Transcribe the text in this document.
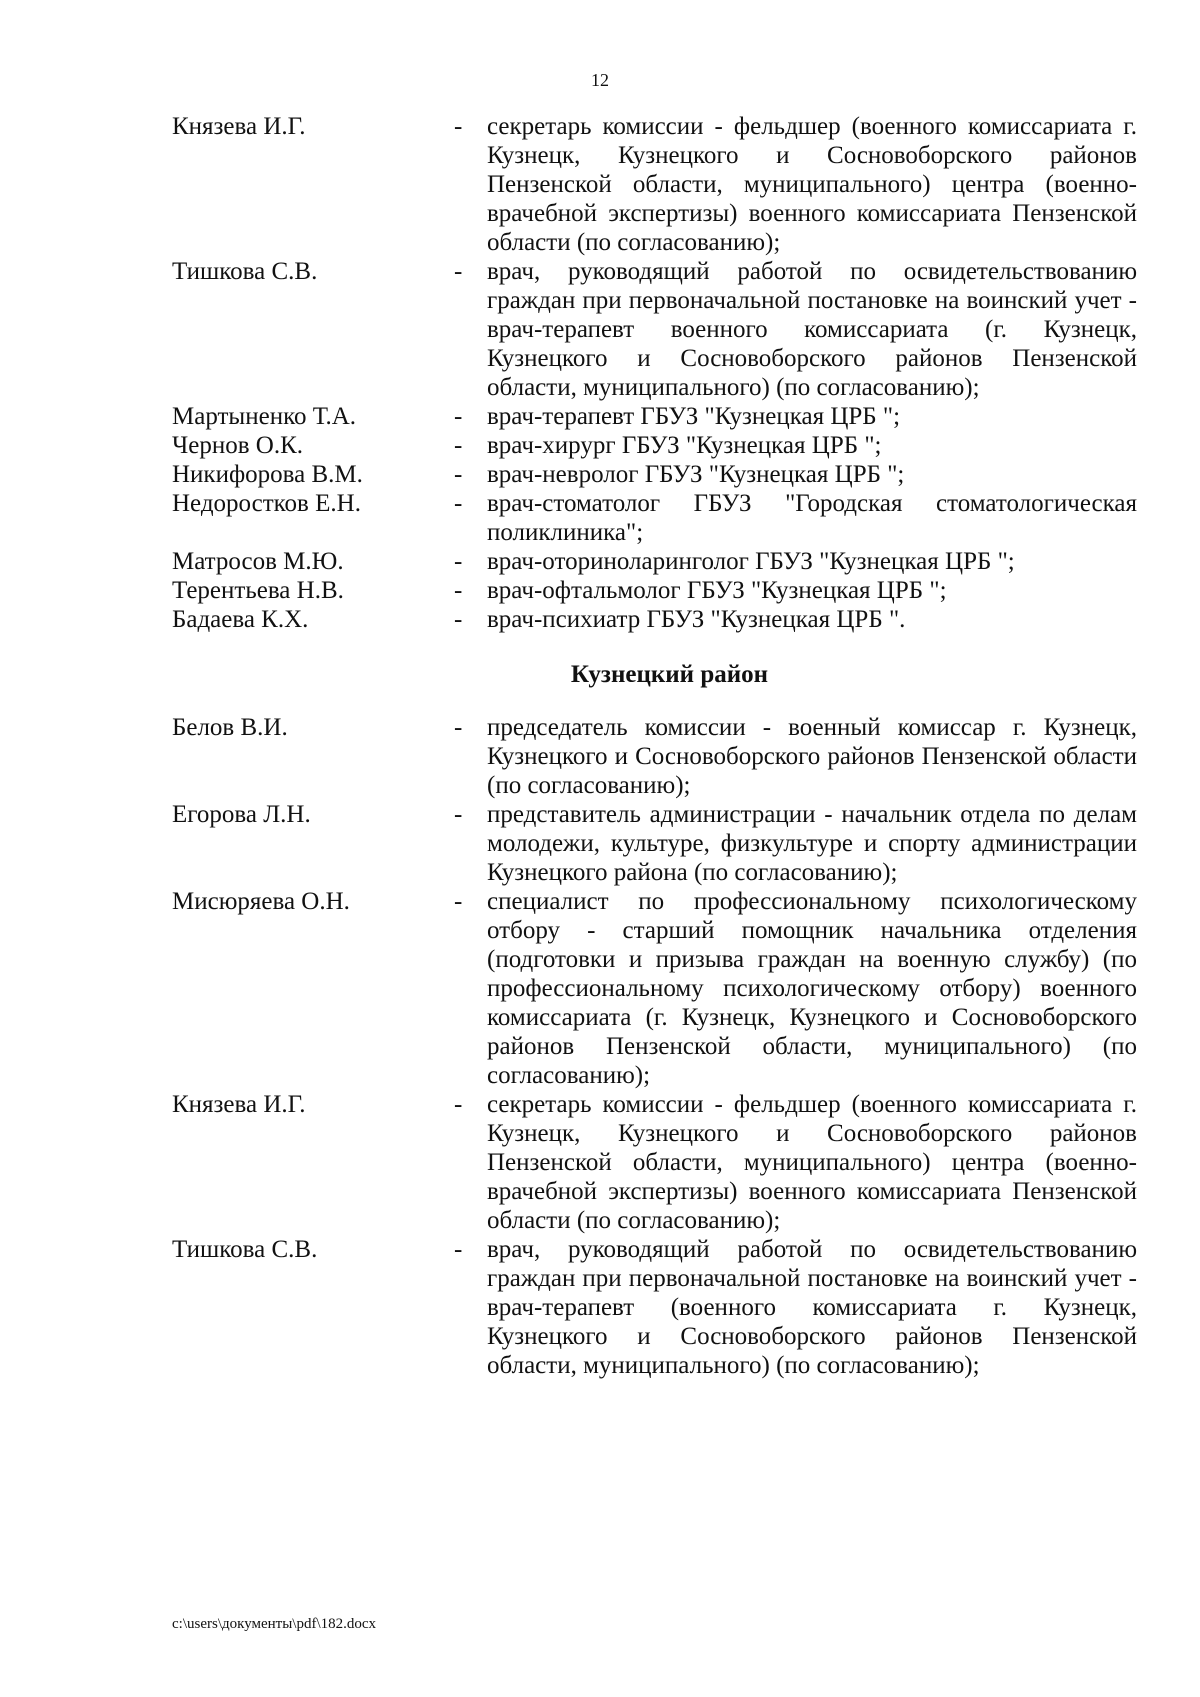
12
Князева И.Г.	- секретарь комиссии - фельдшер (военного комиссариата г. Кузнецк, Кузнецкого и Сосновоборского районов Пензенской области, муниципального) центра (военно-врачебной экспертизы) военного комиссариата Пензенской области (по согласованию);
Тишкова С.В.	- врач, руководящий работой по освидетельствованию граждан при первоначальной постановке на воинский учет - врач-терапевт военного комиссариата (г. Кузнецк, Кузнецкого и Сосновоборского районов Пензенской области, муниципального) (по согласованию);
Мартыненко Т.А.	- врач-терапевт ГБУЗ "Кузнецкая ЦРБ ";
Чернов О.К.	- врач-хирург ГБУЗ "Кузнецкая ЦРБ ";
Никифорова В.М.	- врач-невролог ГБУЗ "Кузнецкая ЦРБ ";
Недоростков Е.Н.	- врач-стоматолог ГБУЗ "Городская стоматологическая поликлиника";
Матросов М.Ю.	- врач-оториноларинголог ГБУЗ "Кузнецкая ЦРБ ";
Терентьева Н.В.	- врач-офтальмолог ГБУЗ "Кузнецкая ЦРБ ";
Бадаева К.Х.	- врач-психиатр ГБУЗ "Кузнецкая ЦРБ ".
Кузнецкий район
Белов В.И.	- председатель комиссии - военный комиссар г. Кузнецк, Кузнецкого и Сосновоборского районов Пензенской области (по согласованию);
Егорова Л.Н.	- представитель администрации - начальник отдела по делам молодежи, культуре, физкультуре и спорту администрации Кузнецкого района (по согласованию);
Мисюряева О.Н.	- специалист по профессиональному психологическому отбору - старший помощник начальника отделения (подготовки и призыва граждан на военную службу) (по профессиональному психологическому отбору) военного комиссариата (г. Кузнецк, Кузнецкого и Сосновоборского районов Пензенской области, муниципального) (по согласованию);
Князева И.Г.	- секретарь комиссии - фельдшер (военного комиссариата г. Кузнецк, Кузнецкого и Сосновоборского районов Пензенской области, муниципального) центра (военно-врачебной экспертизы) военного комиссариата Пензенской области (по согласованию);
Тишкова С.В.	- врач, руководящий работой по освидетельствованию граждан при первоначальной постановке на воинский учет - врач-терапевт (военного комиссариата г. Кузнецк, Кузнецкого и Сосновоборского районов Пензенской области, муниципального) (по согласованию);
c:\users\документы\pdf\182.docx
